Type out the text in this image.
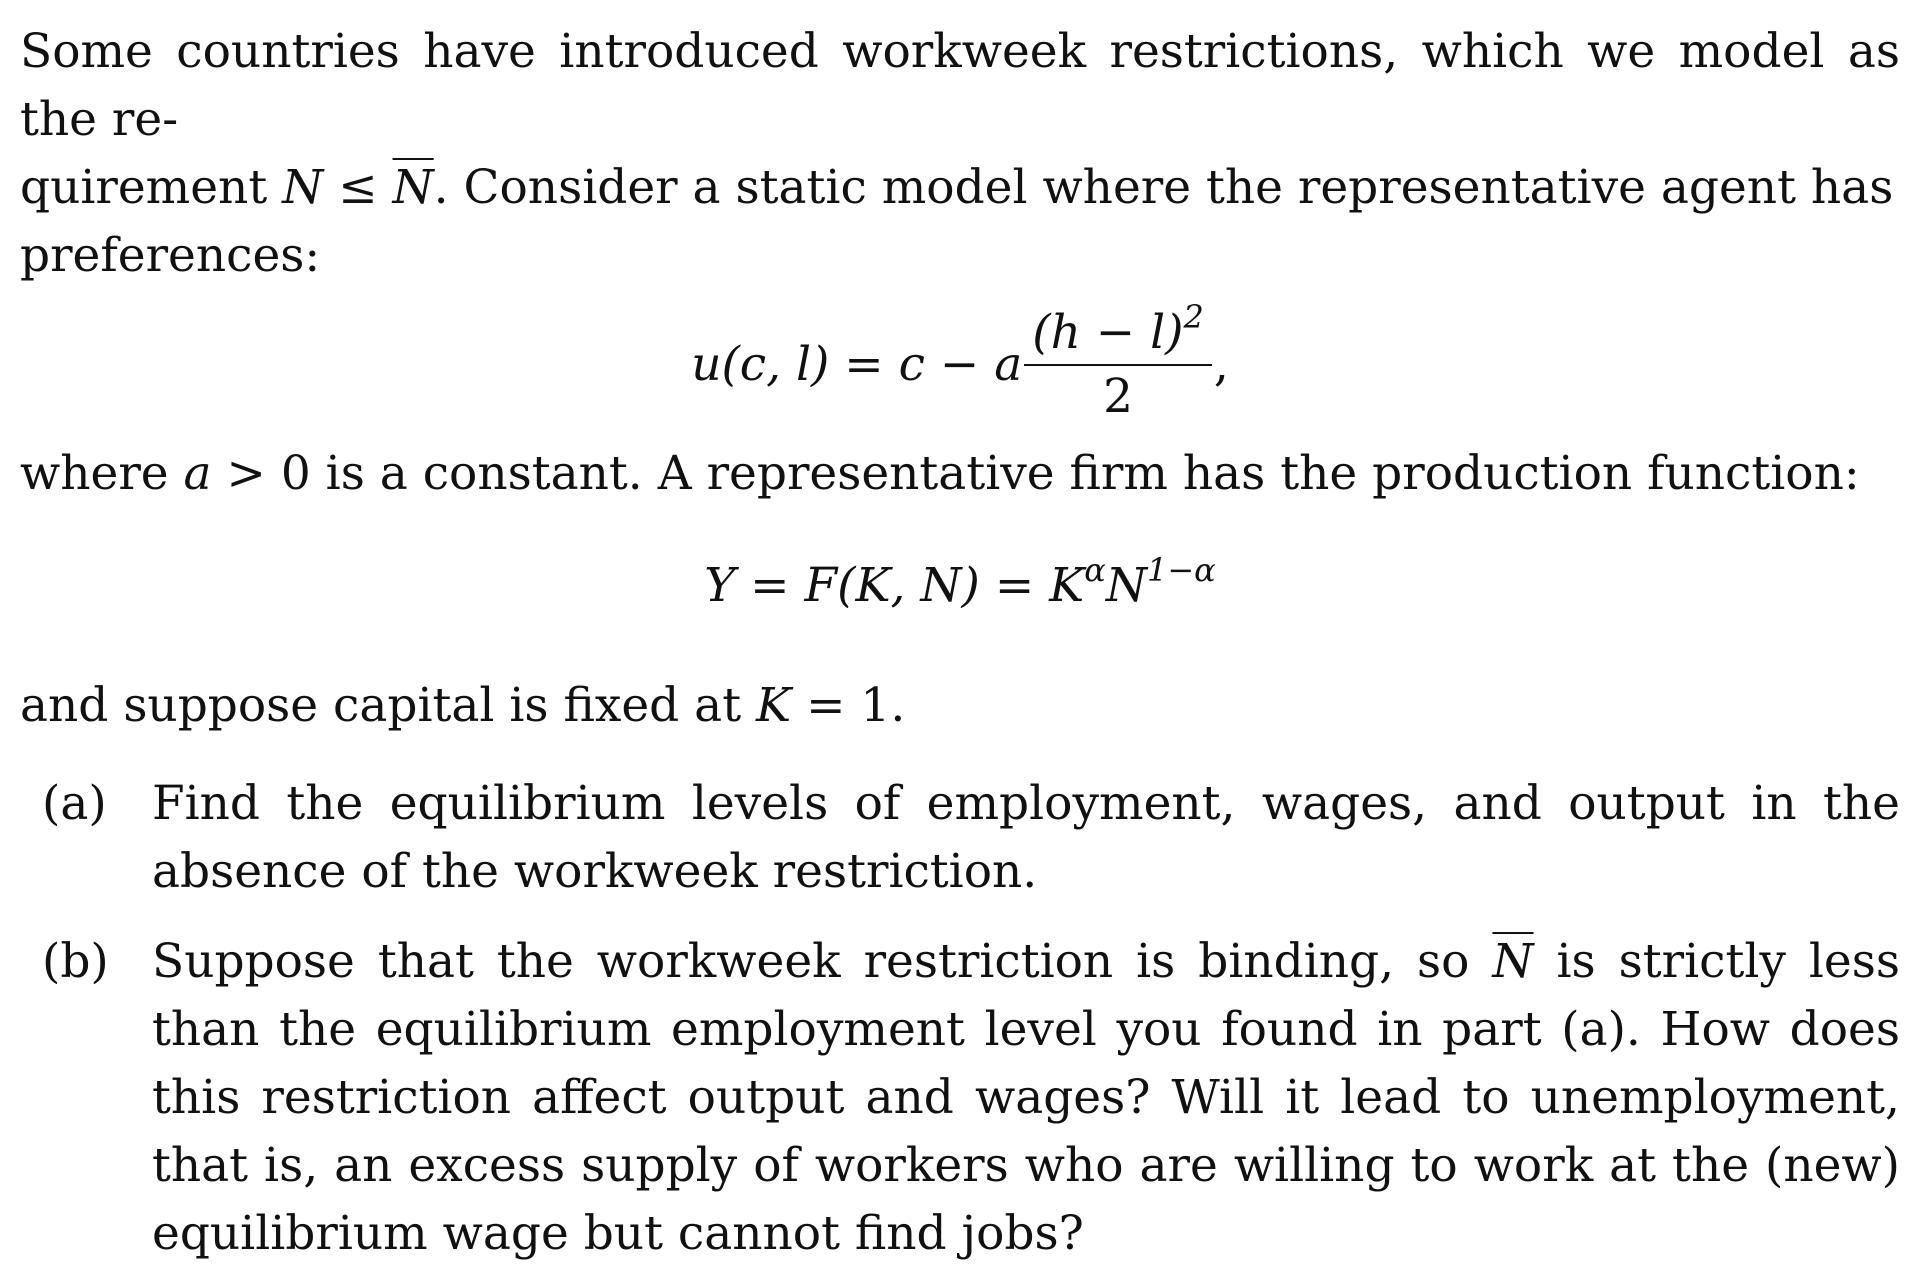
Some countries have introduced workweek restrictions, which we model as the re-
quirement $N \le \overline{N}$. Consider a static model where the representative agent has
preferences:

u(c, l) = c − a $\frac{(h - l)^2}{2}$ ,

where a > 0 is a constant. A representative firm has the production function:

Y = F(K, $N) = K^\alpha N^{1-\alpha}$

and suppose capital is fixed at K = 1.

(a) Find the equilibrium levels of employment, wages, and output in the absence of the workweek restriction.
(b) Suppose that the workweek restriction is binding, so $\overline{N}$ is strictly less than the equilibrium employment level you found in part (a). How does this restriction affect output and wages? Will it lead to unemployment, that is, an excess supply of workers who are willing to work at the (new) equilibrium wage but cannot find jobs?
